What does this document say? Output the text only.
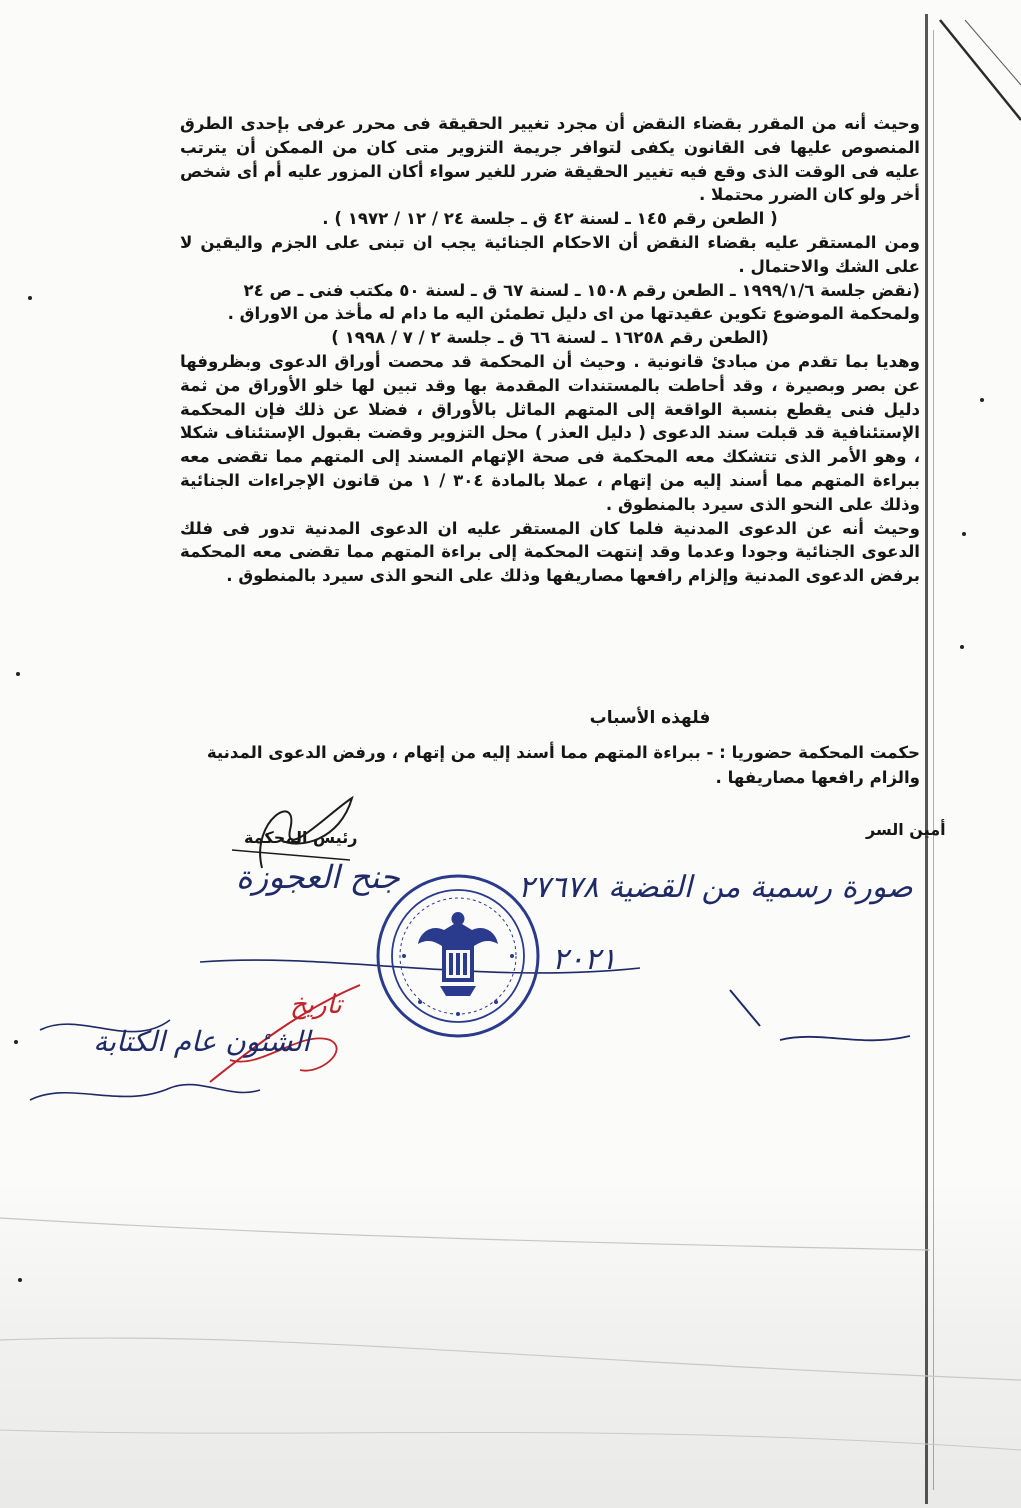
وحيث أنه من المقرر بقضاء النقض أن مجرد تغيير الحقيقة فى محرر عرفى بإحدى الطرق المنصوص عليها فى القانون يكفى لتوافر جريمة التزوير متى كان من الممكن أن يترتب عليه فى الوقت الذى وقع فيه تغيير الحقيقة ضرر للغير سواء أكان المزور عليه أم أى شخص أخر ولو كان الضرر محتملا .

( الطعن رقم ١٤٥ ـ لسنة ٤٢ ق ـ جلسة ٢٤ / ١٢ / ١٩٧٢ ) .

ومن المستقر عليه بقضاء النقض أن الاحكام الجنائية يجب ان تبنى على الجزم واليقين لا على الشك والاحتمال .

(نقض جلسة ١٩٩٩/١/٦ ـ الطعن رقم ١٥٠٨ ـ لسنة ٦٧ ق ـ لسنة ٥٠ مكتب فنى ـ ص ٢٤

ولمحكمة الموضوع تكوين عقيدتها من اى دليل تطمئن اليه ما دام له مأخذ من الاوراق .

(الطعن رقم ١٦٢٥٨ ـ لسنة ٦٦ ق ـ جلسة ٢ / ٧ / ١٩٩٨ )

وهديا بما تقدم من مبادئ قانونية . وحيث أن المحكمة قد محصت أوراق الدعوى وبظروفها عن بصر وبصيرة ، وقد أحاطت بالمستندات المقدمة بها وقد تبين لها خلو الأوراق من ثمة دليل فنى يقطع بنسبة الواقعة إلى المتهم الماثل بالأوراق ، فضلا عن ذلك فإن المحكمة الإستئنافية قد قبلت سند الدعوى ( دليل العذر ) محل التزوير وقضت بقبول الإستئناف شكلا ، وهو الأمر الذى تتشكك معه المحكمة فى صحة الإتهام المسند إلى المتهم مما تقضى معه ببراءة المتهم مما أسند إليه من إتهام ، عملا بالمادة ٣٠٤ / ١ من قانون الإجراءات الجنائية وذلك على النحو الذى سيرد بالمنطوق .

وحيث أنه عن الدعوى المدنية فلما كان المستقر عليه ان الدعوى المدنية تدور فى فلك الدعوى الجنائية وجودا وعدما وقد إنتهت المحكمة إلى براءة المتهم مما تقضى معه المحكمة برفض الدعوى المدنية وإلزام رافعها مصاريفها وذلك على النحو الذى سيرد بالمنطوق .

فلهذه الأسباب
حكمت المحكمة حضوريا : - ببراءة المتهم مما أسند إليه من إتهام ، ورفض الدعوى المدنية والزام رافعها مصاريفها .
أمين السر
رئيس المحكمة
صورة رسمية من القضية ٢٧٦٧٨
جنح العجوزة
٢٠٢١
تاريخ
الشئون عام الكتابة
